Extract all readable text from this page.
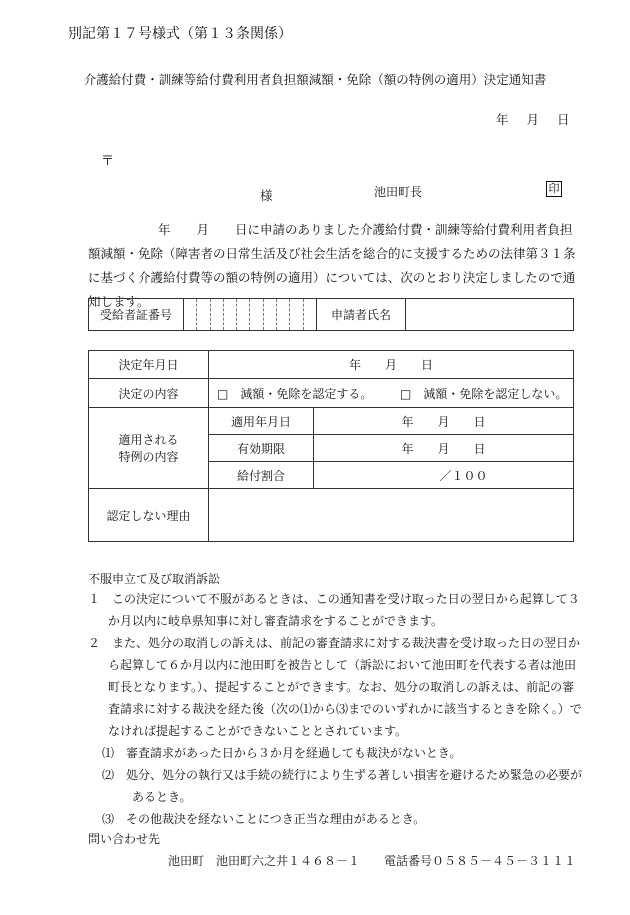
別記第１７号様式（第１３条関係）
介護給付費・訓練等給付費利用者負担額減額・免除（額の特例の適用）決定通知書
年 月 日
〒
様	池田町長	印
年 月 日に申請のありました介護給付費・訓練等給付費利用者負担額減額・免除（障害者の日常生活及び社会生活を総合的に支援するための法律第３１条に基づく介護給付費等の額の特例の適用）については、次のとおり決定しましたので通知します。
受給者証番号		申請者氏名	
決定年月日	年　　月　　日	
決定の内容	□　減額・免除を認定する。 □　減額・免除を認定しない。	

適用される
特例の内容	適用年月日	年　　月　　日
	有効期限	年　　月　　日
	給付割合	／１００
認定しない理由		
不服申立て及び取消訴訟

１　この決定について不服があるときは、この通知書を受け取った日の翌日から起算して３か月以内に岐阜県知事に対し審査請求をすることができます。

２　また、処分の取消しの訴えは、前記の審査請求に対する裁決書を受け取った日の翌日から起算して６か月以内に池田町を被告として（訴訟において池田町を代表する者は池田町長となります。）、提起することができます。なお、処分の取消しの訴えは、前記の審査請求に対する裁決を経た後（次の⑴から⑶までのいずれかに該当するときを除く。）でなければ提起することができないこととされています。

⑴　審査請求があった日から３か月を経過しても裁決がないとき。

⑵　処分、処分の執行又は手続の続行により生ずる著しい損害を避けるため緊急の必要があるとき。

⑶　その他裁決を経ないことにつき正当な理由があるとき。

問い合わせ先
池田町　池田町六之井１４６８－１　　電話番号０５８５－４５－３１１１
